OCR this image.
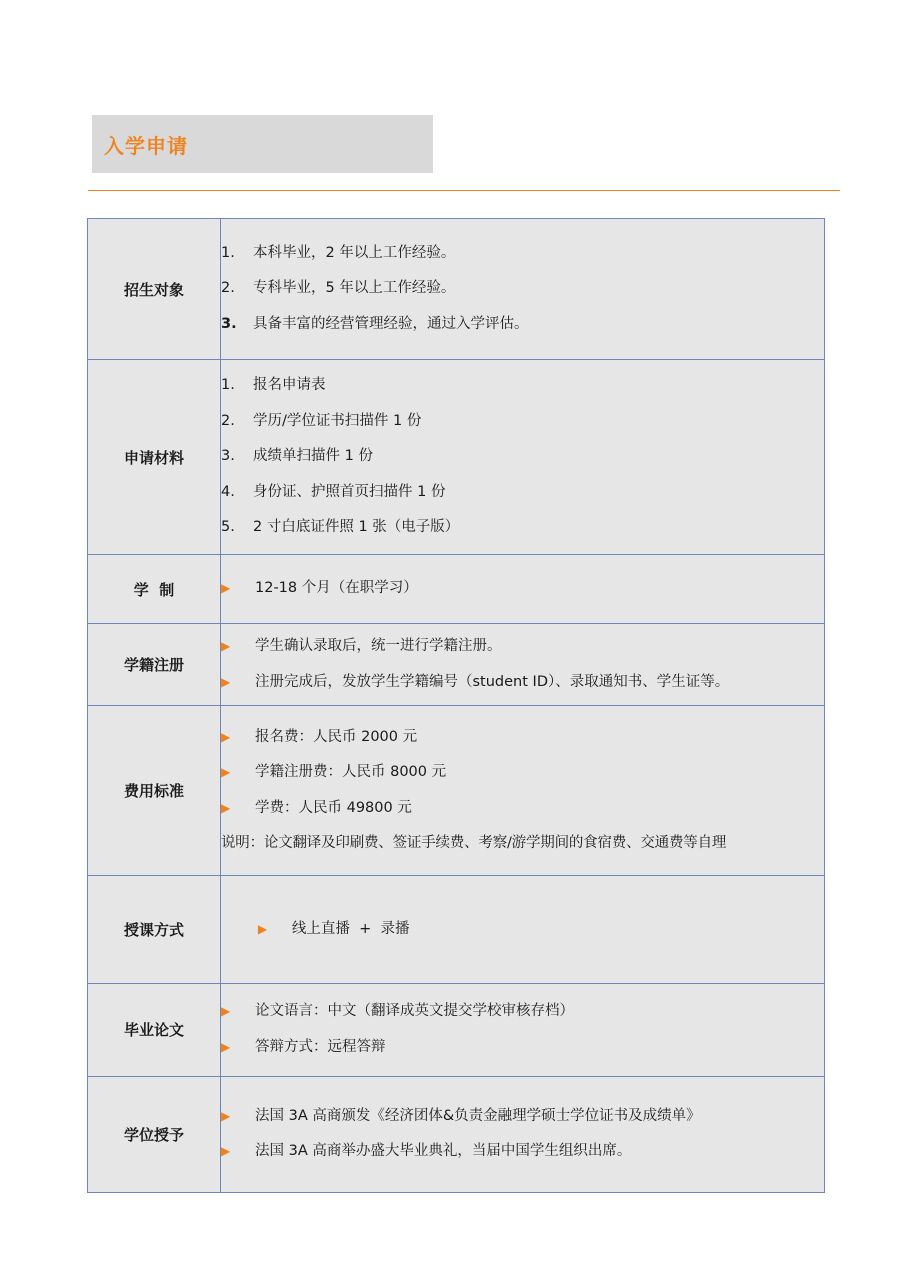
入学申请
招生对象	1. 本科毕业，2 年以上工作经验。
2. 专科毕业，5 年以上工作经验。
3. 具备丰富的经营管理经验，通过入学评估。

申请材料	1. 报名申请表
2. 学历/学位证书扫描件 1 份
3. 成绩单扫描件 1 份
4. 身份证、护照首页扫描件 1 份
5. 2 寸白底证件照 1 张（电子版）

学  制	▶ 12-18 个月（在职学习）

学籍注册	▶ 学生确认录取后，统一进行学籍注册。
▶ 注册完成后，发放学生学籍编号（student ID）、录取通知书、学生证等。

费用标准	▶ 报名费：人民币 2000 元
▶ 学籍注册费：人民币 8000 元
▶ 学费：人民币 49800 元
说明：论文翻译及印刷费、签证手续费、考察/游学期间的食宿费、交通费等自理

授课方式	▶ 线上直播  +  录播

毕业论文	▶ 论文语言：中文（翻译成英文提交学校审核存档）
▶ 答辩方式：远程答辩

学位授予	▶ 法国 3A 高商颁发《经济团体&负责金融理学硕士学位证书及成绩单》
▶ 法国 3A 高商举办盛大毕业典礼，当届中国学生组织出席。
